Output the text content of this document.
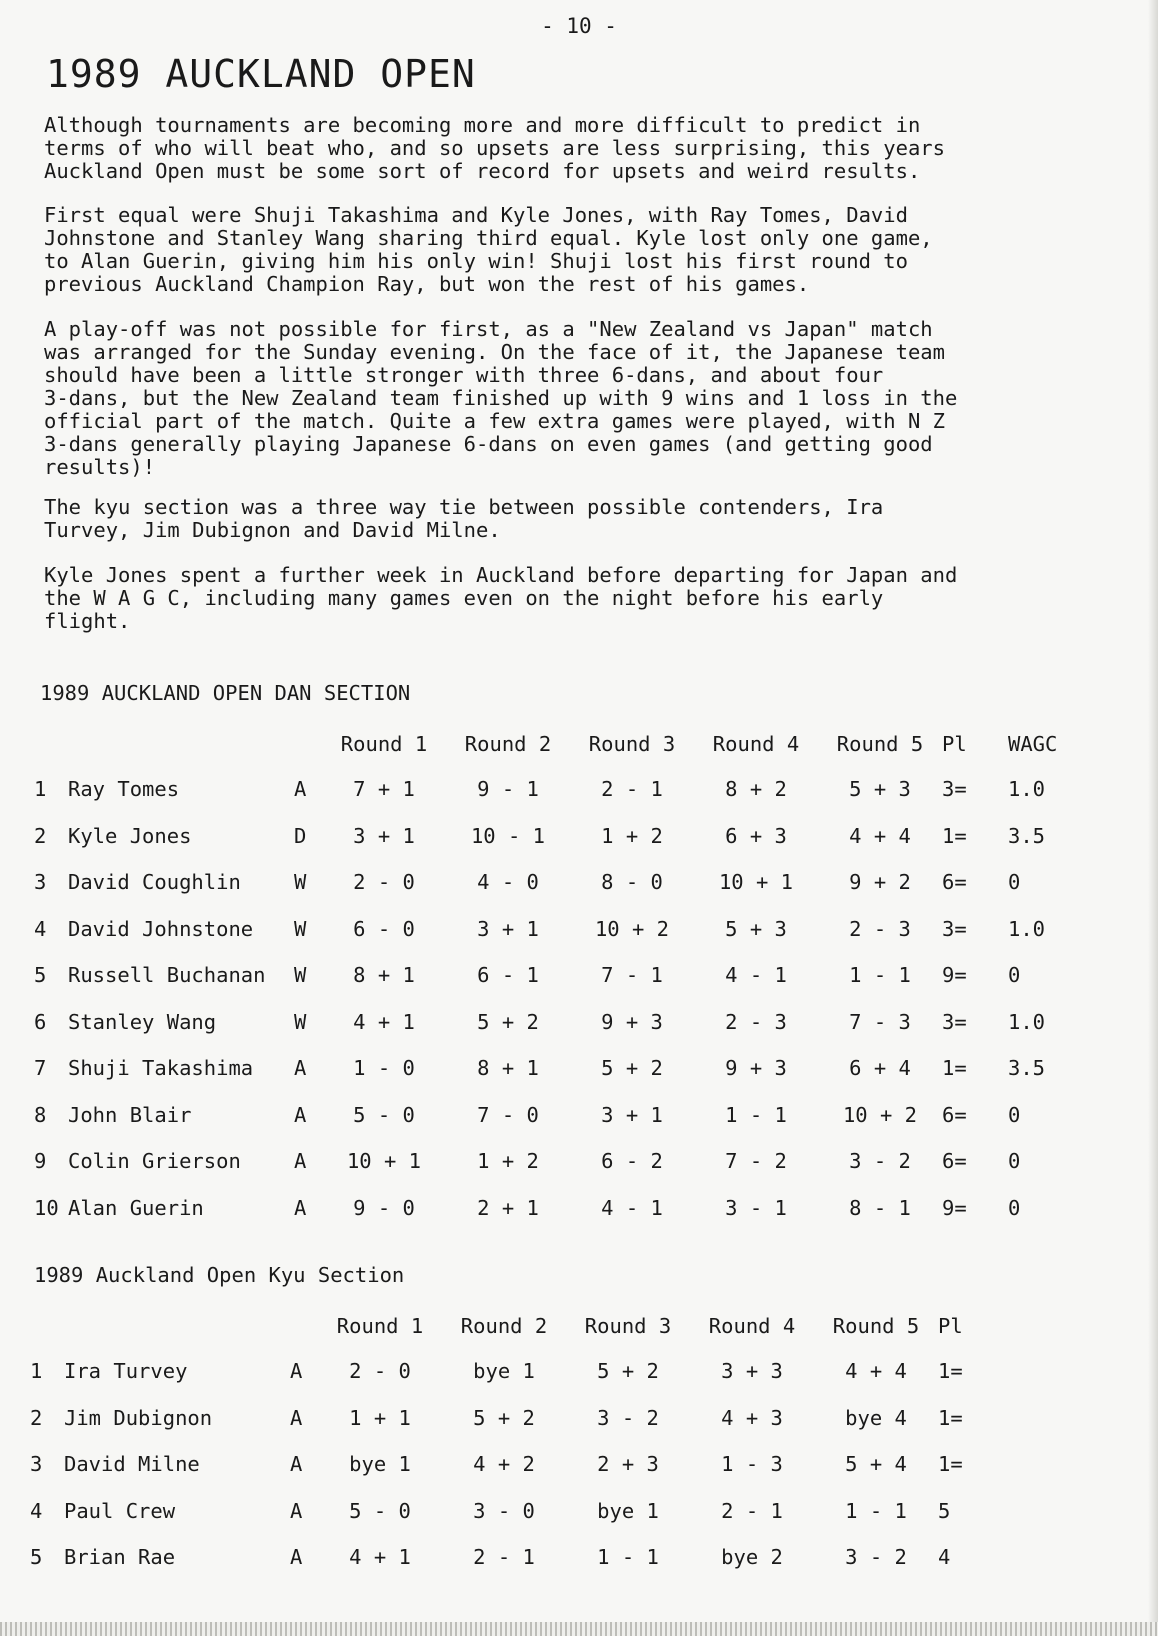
- 10 -
1989 AUCKLAND OPEN

Although tournaments are becoming more and more difficult to predict in
terms of who will beat who, and so upsets are less surprising, this years
Auckland Open must be some sort of record for upsets and weird results.

First equal were Shuji Takashima and Kyle Jones, with Ray Tomes, David
Johnstone and Stanley Wang sharing third equal. Kyle lost only one game,
to Alan Guerin, giving him his only win! Shuji lost his first round to
previous Auckland Champion Ray, but won the rest of his games.

A play-off was not possible for first, as a "New Zealand vs Japan" match
was arranged for the Sunday evening. On the face of it, the Japanese team
should have been a little stronger with three 6-dans, and about four
3-dans, but the New Zealand team finished up with 9 wins and 1 loss in the
official part of the match. Quite a few extra games were played, with N Z
3-dans generally playing Japanese 6-dans on even games (and getting good
results)!

The kyu section was a three way tie between possible contenders, Ira
Turvey, Jim Dubignon and David Milne.

Kyle Jones spent a further week in Auckland before departing for Japan and
the W A G C, including many games even on the night before his early
flight.

1989 AUCKLAND OPEN DAN SECTION
			Round 1	Round 2	Round 3	Round 4	Round 5	Pl	WAGC
1	Ray Tomes	A	7 + 1	9 - 1	2 - 1	8 + 2	5 + 3	3=	1.0
2	Kyle Jones	D	3 + 1	10 - 1	1 + 2	6 + 3	4 + 4	1=	3.5
3	David Coughlin	W	2 - 0	4 - 0	8 - 0	10 + 1	9 + 2	6=	0
4	David Johnstone	W	6 - 0	3 + 1	10 + 2	5 + 3	2 - 3	3=	1.0
5	Russell Buchanan	W	8 + 1	6 - 1	7 - 1	4 - 1	1 - 1	9=	0
6	Stanley Wang	W	4 + 1	5 + 2	9 + 3	2 - 3	7 - 3	3=	1.0
7	Shuji Takashima	A	1 - 0	8 + 1	5 + 2	9 + 3	6 + 4	1=	3.5
8	John Blair	A	5 - 0	7 - 0	3 + 1	1 - 1	10 + 2	6=	0
9	Colin Grierson	A	10 + 1	1 + 2	6 - 2	7 - 2	3 - 2	6=	0
10	Alan Guerin	A	9 - 0	2 + 1	4 - 1	3 - 1	8 - 1	9=	0
1989 Auckland Open Kyu Section
			Round 1	Round 2	Round 3	Round 4	Round 5	Pl
1	Ira Turvey	A	2 - 0	bye 1	5 + 2	3 + 3	4 + 4	1=
2	Jim Dubignon	A	1 + 1	5 + 2	3 - 2	4 + 3	bye 4	1=
3	David Milne	A	bye 1	4 + 2	2 + 3	1 - 3	5 + 4	1=
4	Paul Crew	A	5 - 0	3 - 0	bye 1	2 - 1	1 - 1	5
5	Brian Rae	A	4 + 1	2 - 1	1 - 1	bye 2	3 - 2	4
